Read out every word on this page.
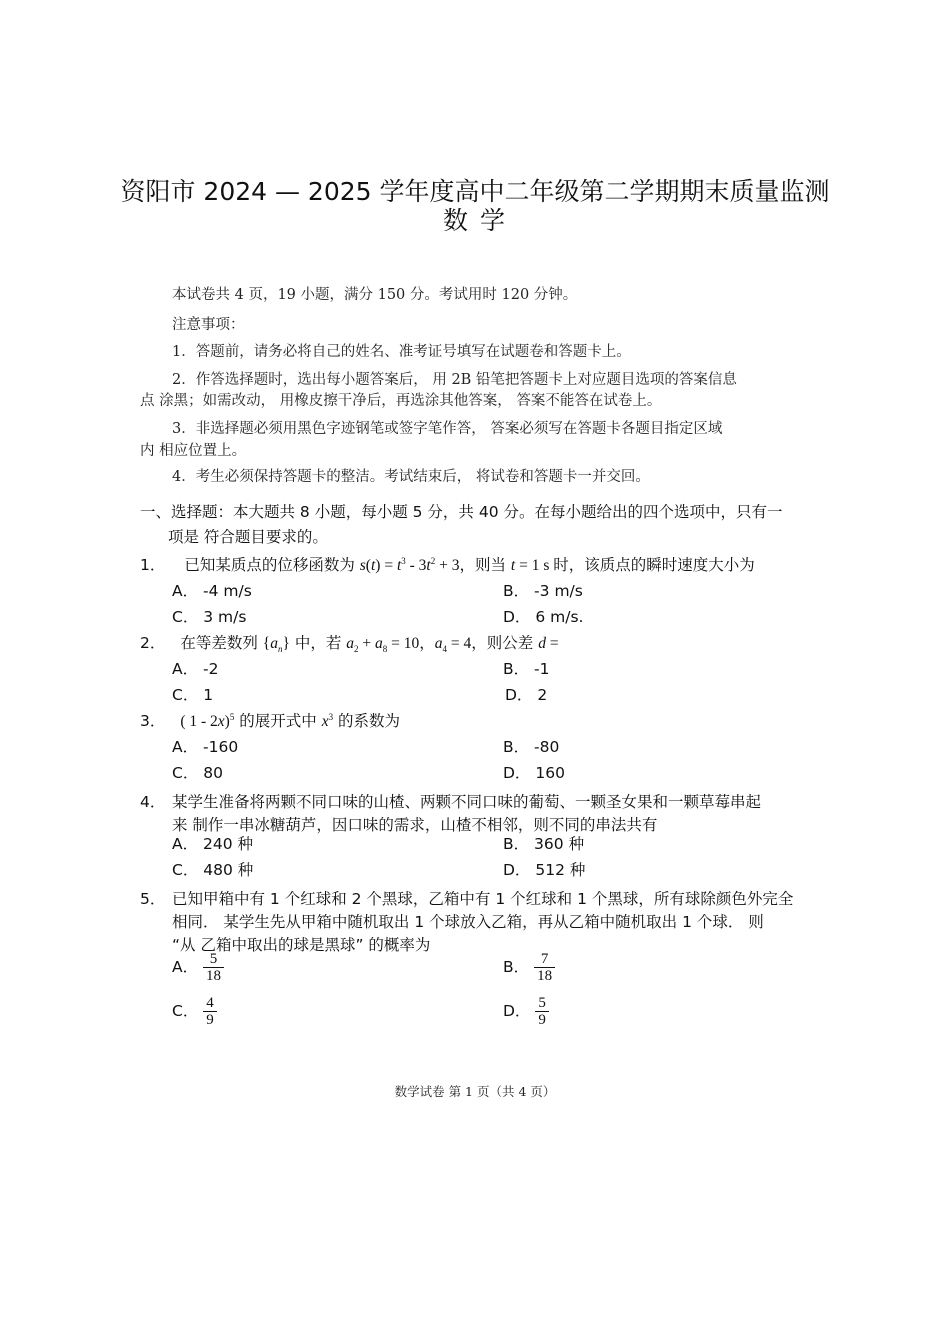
资阳市 2024 — 2025 学年度高中二年级第二学期期末质量监测
数 学
本试卷共 4 页，19 小题，满分 150 分。考试用时 120 分钟。
注意事项：
1．答题前，请务必将自己的姓名、准考证号填写在试题卷和答题卡上。
2．作答选择题时，选出每小题答案后， 用 2B 铅笔把答题卡上对应题目选项的答案信息
点 涂黑；如需改动， 用橡皮擦干净后，再选涂其他答案， 答案不能答在试卷上。
3．非选择题必须用黑色字迹钢笔或签字笔作答， 答案必须写在答题卡各题目指定区域
内 相应位置上。
4．考生必须保持答题卡的整洁。考试结束后， 将试卷和答题卡一并交回。
一、选择题：本大题共 8 小题，每小题 5 分，共 40 分。在每小题给出的四个选项中，只有一
项是 符合题目要求的。
1． 已知某质点的位移函数为 $s(t) = t^3 - 3t^2 + 3$，则当 t = 1 s 时，该质点的瞬时速度大小为
A． -4 m/s	B． -3 m/s
C． 3 m/s	D． 6 m/s.
2． 在等差数列 $\{a_n\}$ 中，若 $a_2 + a_8 = 10$，$a_4 = 4$，则公差 d =
A． -2	B． -1
C． 1	D． 2
3． ( 1 - 2x)$^5$ 的展开式中 $x^3$ 的系数为
A． -160	B． -80
C． 80	D． 160
4． 某学生准备将两颗不同口味的山楂、两颗不同口味的葡萄、一颗圣女果和一颗草莓串起
来 制作一串冰糖葫芦，因口味的需求，山楂不相邻，则不同的串法共有
A． 240 种	B． 360 种
C． 480 种	D． 512 种
5． 已知甲箱中有 1 个红球和 2 个黑球，乙箱中有 1 个红球和 1 个黑球，所有球除颜色外完全
相同． 某学生先从甲箱中随机取出 1 个球放入乙箱，再从乙箱中随机取出 1 个球． 则
“从 乙箱中取出的球是黑球” 的概率为
A． $\frac{5}{18}$	B． $\frac{7}{18}$
C． $\frac{4}{9}$	D． $\frac{5}{9}$
数学试卷 第 1 页（共 4 页）
